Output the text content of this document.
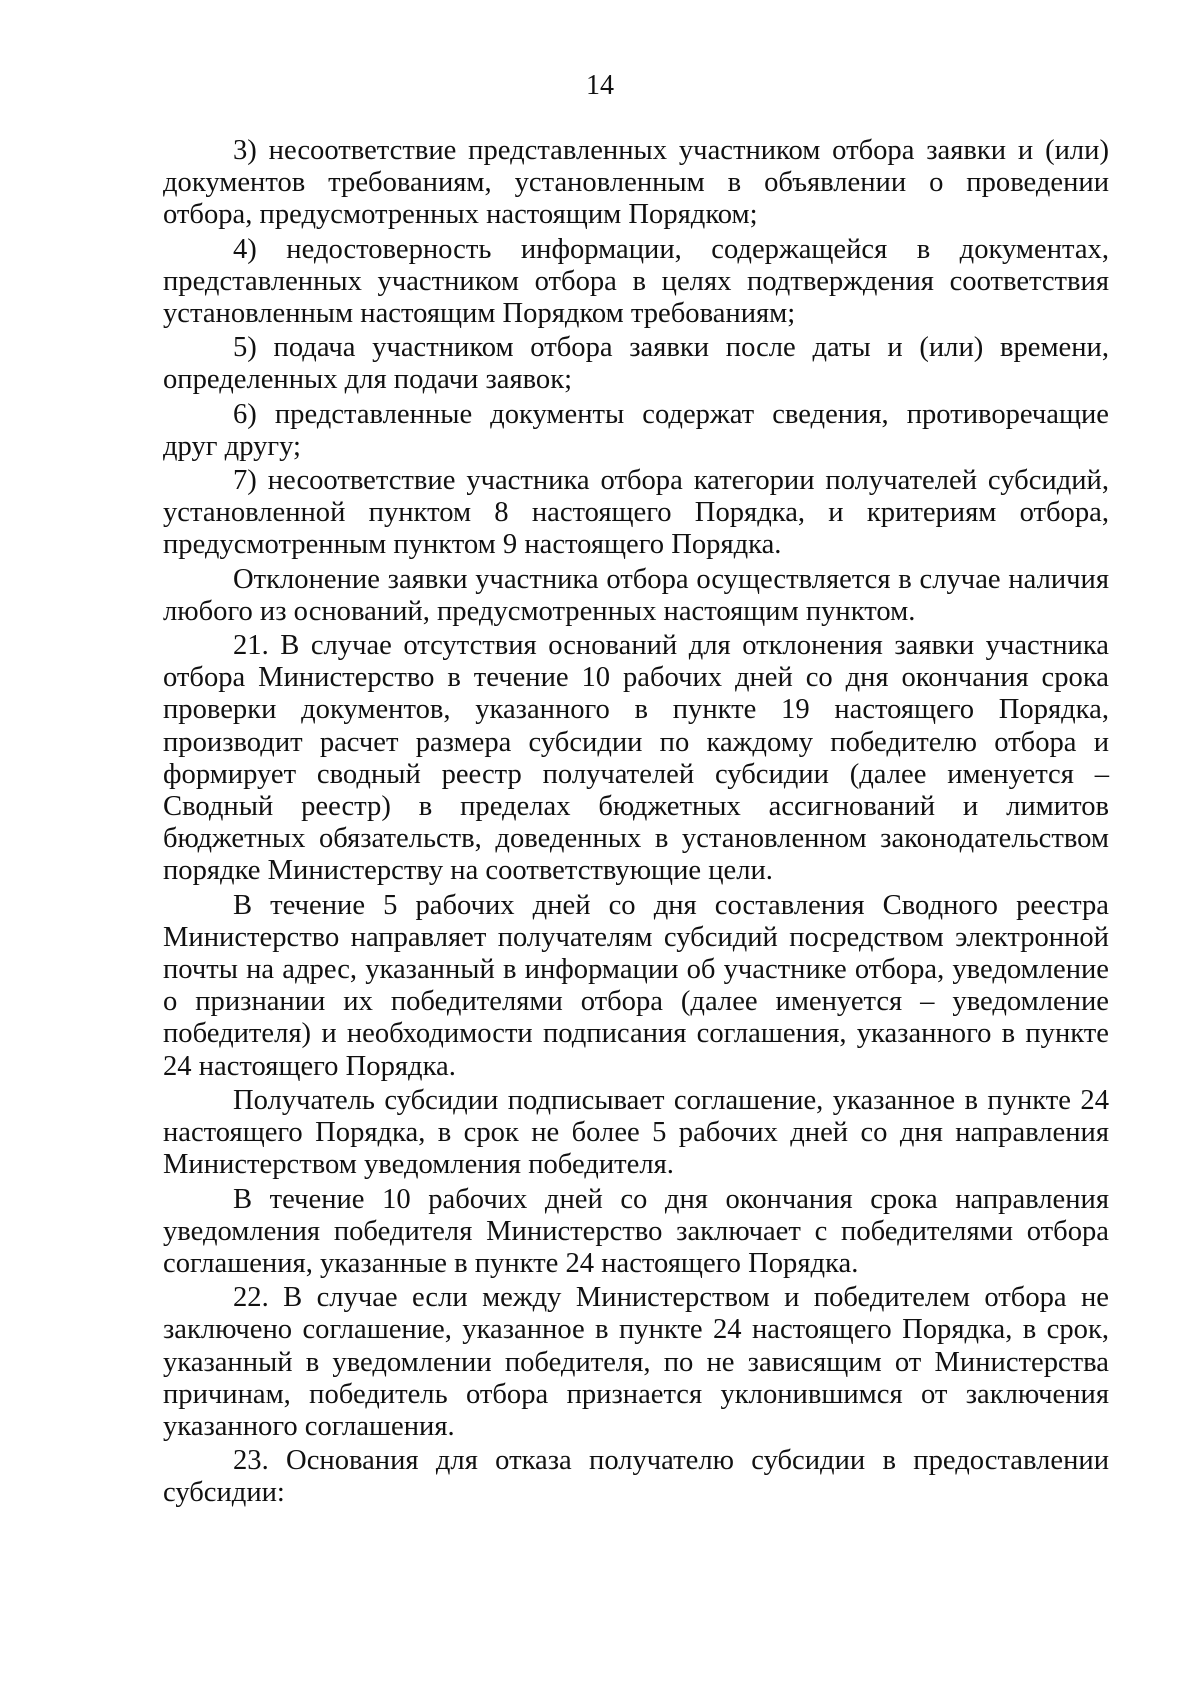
14

3) несоответствие представленных участником отбора заявки и (или) документов требованиям, установленным в объявлении о проведении отбора, предусмотренных настоящим Порядком;

4) недостоверность информации, содержащейся в документах, представленных участником отбора в целях подтверждения соответствия установленным настоящим Порядком требованиям;

5) подача участником отбора заявки после даты и (или) времени, определенных для подачи заявок;

6) представленные документы содержат сведения, противоречащие друг другу;

7) несоответствие участника отбора категории получателей субсидий, установленной пунктом 8 настоящего Порядка, и критериям отбора, предусмотренным пунктом 9 настоящего Порядка.

Отклонение заявки участника отбора осуществляется в случае наличия любого из оснований, предусмотренных настоящим пунктом.

21. В случае отсутствия оснований для отклонения заявки участника отбора Министерство в течение 10 рабочих дней со дня окончания срока проверки документов, указанного в пункте 19 настоящего Порядка, производит расчет размера субсидии по каждому победителю отбора и формирует сводный реестр получателей субсидии (далее именуется – Сводный реестр) в пределах бюджетных ассигнований и лимитов бюджетных обязательств, доведенных в установленном законодательством порядке Министерству на соответствующие цели.

В течение 5 рабочих дней со дня составления Сводного реестра Министерство направляет получателям субсидий посредством электронной почты на адрес, указанный в информации об участнике отбора, уведомление о признании их победителями отбора (далее именуется – уведомление победителя) и необходимости подписания соглашения, указанного в пункте 24 настоящего Порядка.

Получатель субсидии подписывает соглашение, указанное в пункте 24 настоящего Порядка, в срок не более 5 рабочих дней со дня направления Министерством уведомления победителя.

В течение 10 рабочих дней со дня окончания срока направления уведомления победителя Министерство заключает с победителями отбора соглашения, указанные в пункте 24 настоящего Порядка.

22. В случае если между Министерством и победителем отбора не заключено соглашение, указанное в пункте 24 настоящего Порядка, в срок, указанный в уведомлении победителя, по не зависящим от Министерства причинам, победитель отбора признается уклонившимся от заключения указанного соглашения.

23. Основания для отказа получателю субсидии в предоставлении субсидии:
